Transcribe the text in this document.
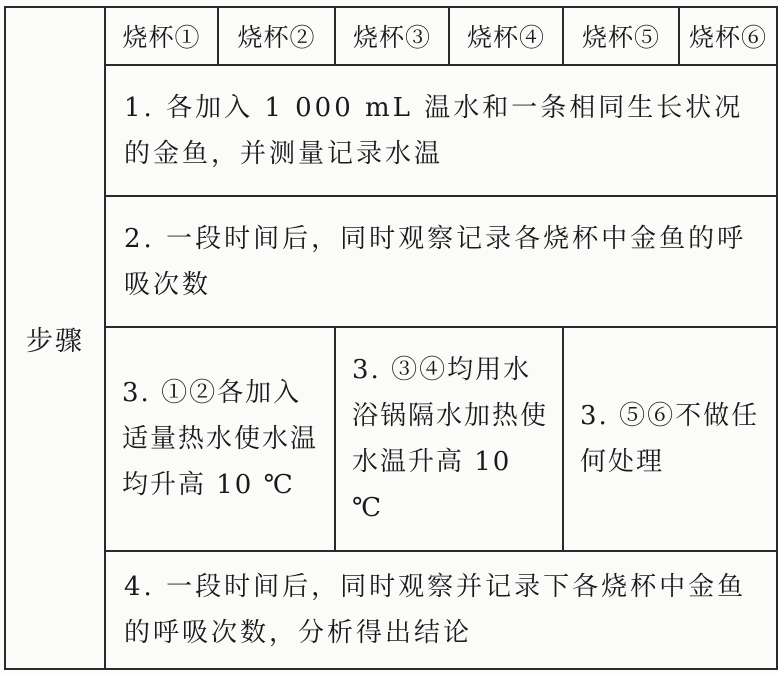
步骤	烧杯①	烧杯②	烧杯③	烧杯④	烧杯⑤	烧杯⑥
	1. 各加入 1 000 mL 温水和一条相同生长状况的金鱼，并测量记录水温					
	2. 一段时间后，同时观察记录各烧杯中金鱼的呼吸次数					
	3. ①②各加入适量热水使水温均升高 10 ℃		3. ③④均用水浴锅隔水加热使水温升高 10 ℃		3. ⑤⑥不做任何处理	
	4. 一段时间后，同时观察并记录下各烧杯中金鱼的呼吸次数，分析得出结论					
